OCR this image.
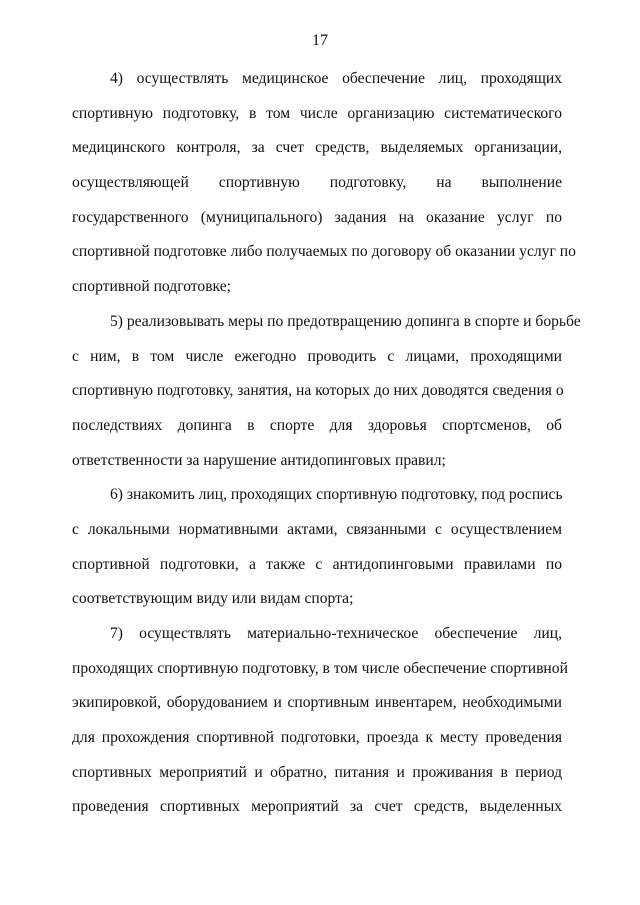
17
4) осуществлять медицинское обеспечение лиц, проходящих
спортивную подготовку, в том числе организацию систематического
медицинского контроля, за счет средств, выделяемых организации,
осуществляющей спортивную подготовку, на выполнение
государственного (муниципального) задания на оказание услуг по
спортивной подготовке либо получаемых по договору об оказании услуг по
спортивной подготовке;
5) реализовывать меры по предотвращению допинга в спорте и борьбе
с ним, в том числе ежегодно проводить с лицами, проходящими
спортивную подготовку, занятия, на которых до них доводятся сведения о
последствиях допинга в спорте для здоровья спортсменов, об
ответственности за нарушение антидопинговых правил;
6) знакомить лиц, проходящих спортивную подготовку, под роспись
с локальными нормативными актами, связанными с осуществлением
спортивной подготовки, а также с антидопинговыми правилами по
соответствующим виду или видам спорта;
7) осуществлять материально-техническое обеспечение лиц,
проходящих спортивную подготовку, в том числе обеспечение спортивной
экипировкой, оборудованием и спортивным инвентарем, необходимыми
для прохождения спортивной подготовки, проезда к месту проведения
спортивных мероприятий и обратно, питания и проживания в период
проведения спортивных мероприятий за счет средств, выделенных
